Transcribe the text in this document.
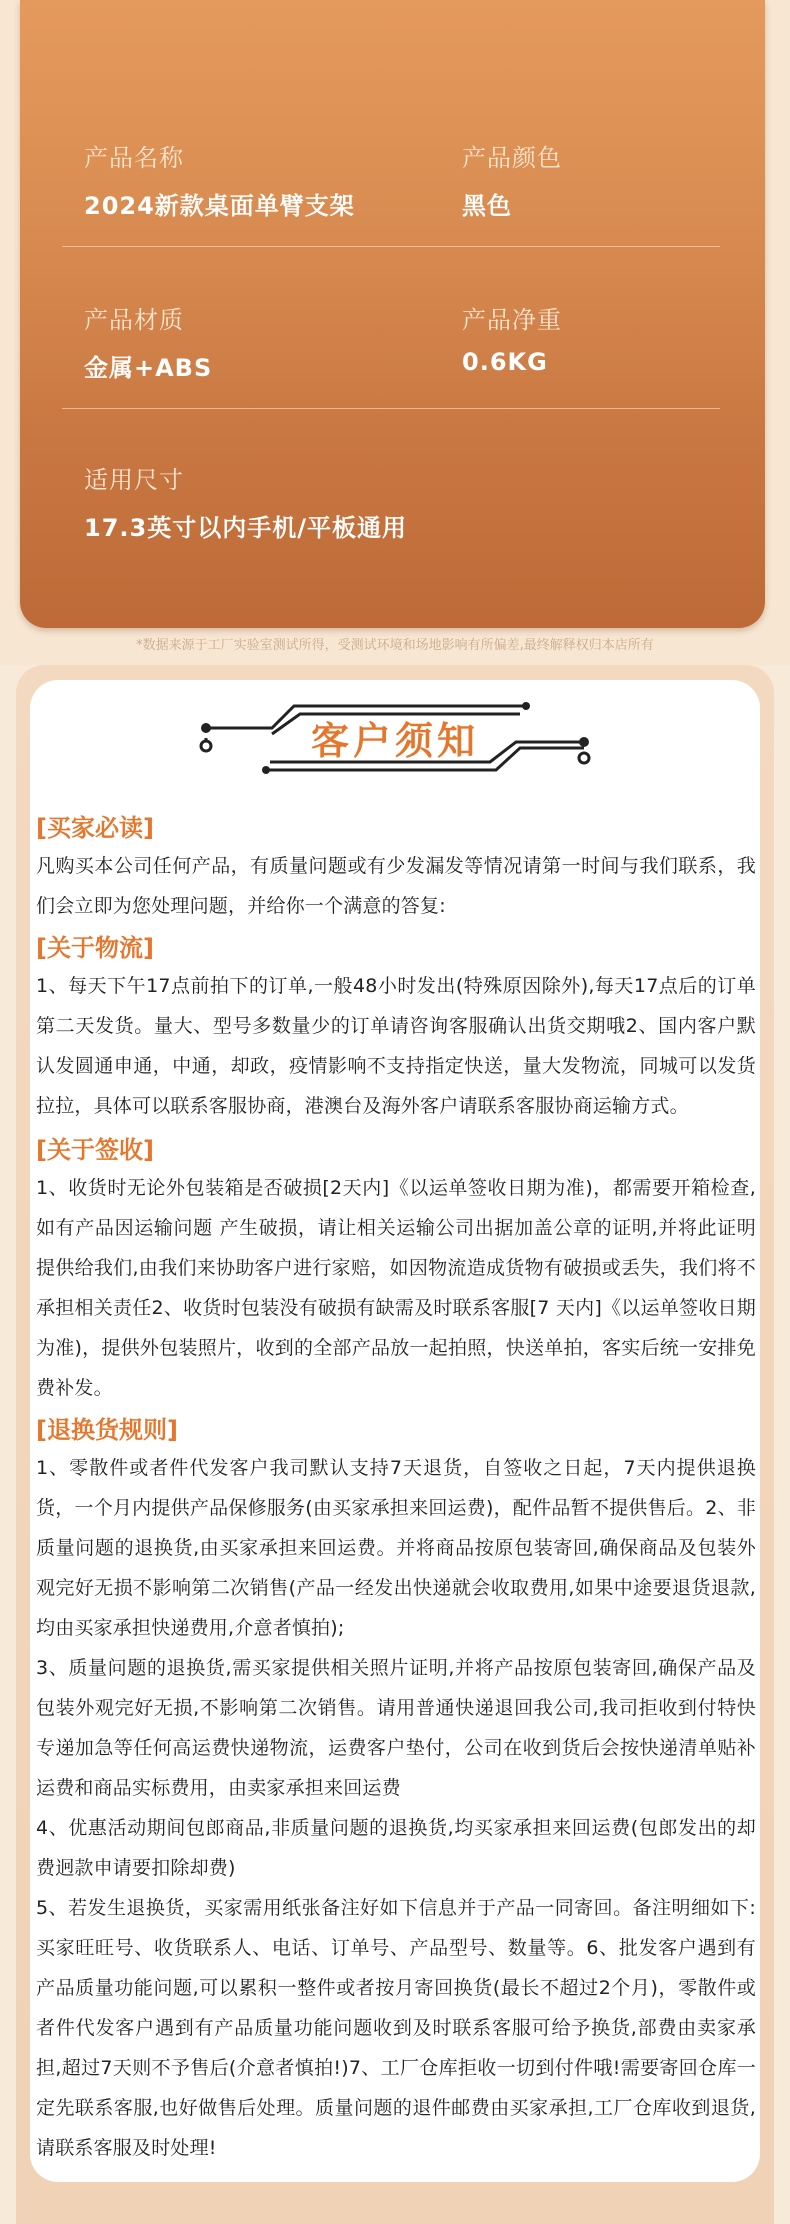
产品名称
2024新款桌面单臂支架
产品颜色
黑色
产品材质
金属+ABS
产品净重
0.6KG
适用尺寸
17.3英寸以内手机/平板通用
*数据来源于工厂实验室测试所得，受测试环境和场地影响有所偏差,最终解释权归本店所有
客户须知
[买家必读]
凡购买本公司任何产品，有质量问题或有少发漏发等情况请第一时间与我们联系，我们会立即为您处理问题，并给你一个满意的答复:
[关于物流]
1、每天下午17点前拍下的订单,一般48小时发出(特殊原因除外),每天17点后的订单第二天发货。量大、型号多数量少的订单请咨询客服确认出货交期哦2、国内客户默认发圆通申通，中通，却政，疫情影响不支持指定快送，量大发物流，同城可以发货拉拉，具体可以联系客服协商，港澳台及海外客户请联系客服协商运输方式。
[关于签收]
1、收货时无论外包装箱是否破损[2天内]《以运单签收日期为准)，都需要开箱检查,如有产品因运输问题 产生破损，请让相关运输公司出据加盖公章的证明,并将此证明提供给我们,由我们来协助客户进行家赔，如因物流造成货物有破损或丢失，我们将不承担相关责任2、收货时包装没有破损有缺需及时联系客服[7 天内]《以运单签收日期为准)，提供外包装照片，收到的全部产品放一起拍照，快送单拍，客实后统一安排免费补发。
[退换货规则]
1、零散件或者件代发客户我司默认支持7天退货，自签收之日起，7天内提供退换货，一个月内提供产品保修服务(由买家承担来回运费)，配件品暂不提供售后。2、非质量问题的退换货,由买家承担来回运费。并将商品按原包装寄回,确保商品及包装外观完好无损不影响第二次销售(产品一经发出快递就会收取费用,如果中途要退货退款,均由买家承担快递费用,介意者慎拍);
3、质量问题的退换货,需买家提供相关照片证明,并将产品按原包装寄回,确保产品及包装外观完好无损,不影响第二次销售。请用普通快递退回我公司,我司拒收到付特快专递加急等任何高运费快递物流，运费客户垫付，公司在收到货后会按快递清单贴补运费和商品实标费用，由卖家承担来回运费
4、优惠活动期间包郎商品,非质量问题的退换货,均买家承担来回运费(包郎发出的却费迥款申请要扣除却费)
5、若发生退换货，买家需用纸张备注好如下信息并于产品一同寄回。备注明细如下:买家旺旺号、收货联系人、电话、订单号、产品型号、数量等。6、批发客户遇到有产品质量功能问题,可以累积一整件或者按月寄回换货(最长不超过2个月)，零散件或者件代发客户遇到有产品质量功能问题收到及时联系客服可给予换货,部费由卖家承担,超过7天则不予售后(介意者慎拍!)7、工厂仓库拒收一切到付件哦!需要寄回仓库一定先联系客服,也好做售后处理。质量问题的退件邮费由买家承担,工厂仓库收到退货,请联系客服及时处理!
